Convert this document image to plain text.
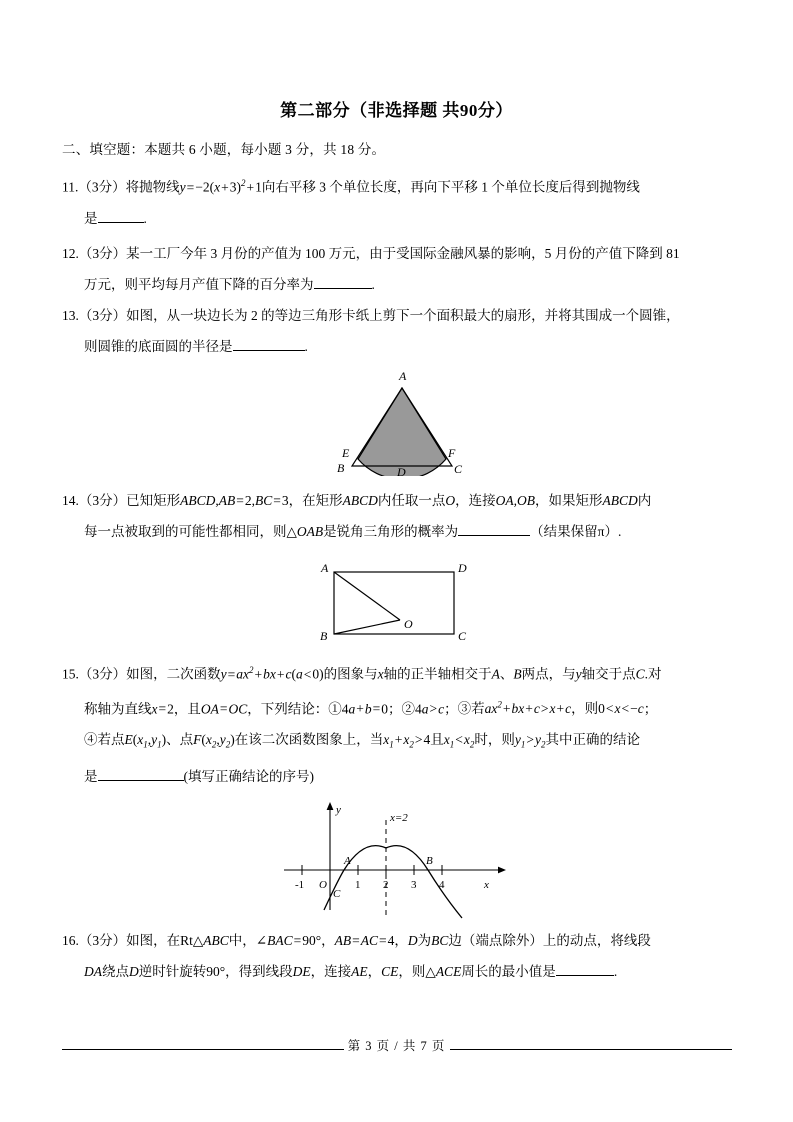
第二部分（非选择题 共90分）
二、填空题：本题共 6 小题，每小题 3 分，共 18 分。
11.（3分）将抛物线$y=-2(x+3)^2+1$向右平移 3 个单位长度，再向下平移 1 个单位长度后得到抛物线
是	.
12.（3分）某一工厂今年 3 月份的产值为 100 万元，由于受国际金融风暴的影响，5 月份的产值下降到 81
万元，则平均每月产值下降的百分率为	.
13.（3分）如图，从一块边长为 2 的等边三角形卡纸上剪下一个面积最大的扇形，并将其围成一个圆锥，
则圆锥的底面圆的半径是	.
A
E	F
B	D	C
14.（3分）已知矩形ABCD,AB=2,BC=3，在矩形ABCD内任取一点O，连接OA,OB，如果矩形ABCD内
每一点被取到的可能性都相同，则△OAB是锐角三角形的概率为	（结果保留π）.
A	D
B
O
C
15.（3分）如图，二次函数$y=ax^2+bx+c(a<0)$的图象与x轴的正半轴相交于A、B两点，与y轴交于点C.对
称轴为直线x=2，且OA=OC，下列结论：①4a+b=0；②4a>c；③若$ax^2+bx+c>x+c$，则0<x<−c；
④若点$E(x_1,y_1)$、点$F(x_2,y_2)$在该二次函数图象上，当$x_1+x_2>4$且$x_1<x_2$时，则$y_1>y_2$其中正确的结论
是	(填写正确结论的序号)
-1	1 2 3 4
O	x
y
x=2
A	B
C
16.（3分）如图，在Rt△ABC中，∠BAC=90°，AB=AC=4，D为BC边（端点除外）上的动点，将线段
DA绕点D逆时针旋转90°，得到线段DE，连接AE，CE，则△ACE周长的最小值是	.
第 3 页 / 共 7 页
